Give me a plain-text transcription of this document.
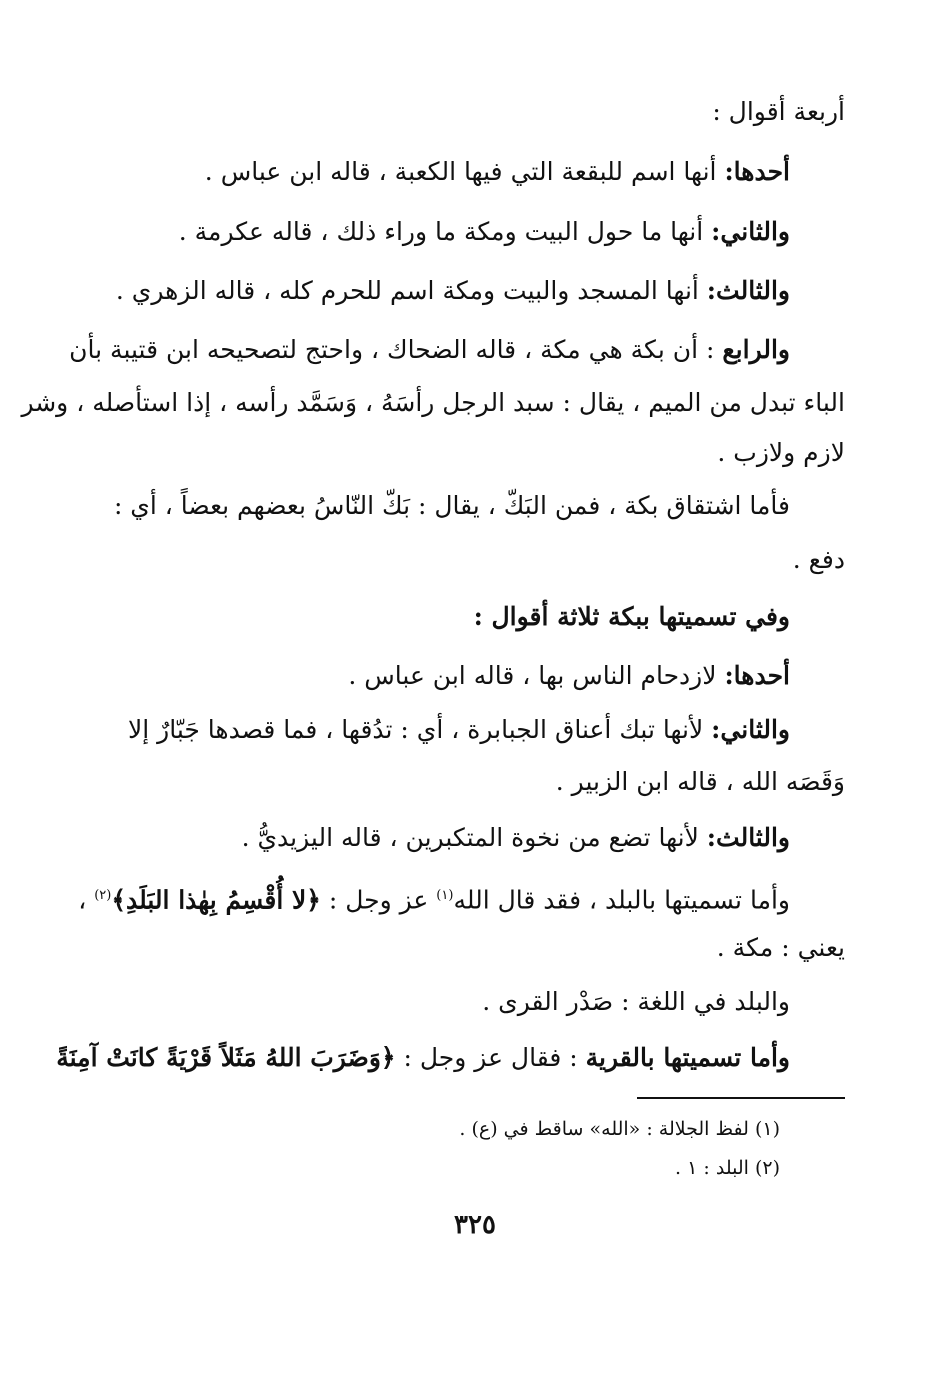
أربعة أقوال :
أحدها: أنها اسم للبقعة التي فيها الكعبة ، قاله ابن عباس .
والثاني: أنها ما حول البيت ومكة ما وراء ذلك ، قاله عكرمة .
والثالث: أنها المسجد والبيت ومكة اسم للحرم كله ، قاله الزهري .
والرابع : أن بكة هي مكة ، قاله الضحاك ، واحتج لتصحيحه ابن قتيبة بأن
الباء تبدل من الميم ، يقال : سبد الرجل رأسَهُ ، وَسَمَّد رأسه ، إذا استأصله ، وشر
لازم ولازب .
فأما اشتقاق بكة ، فمن البَكّ ، يقال : بَكّ النّاسُ بعضهم بعضاً ، أي :
دفع .
وفي تسميتها ببكة ثلاثة أقوال :
أحدها: لازدحام الناس بها ، قاله ابن عباس .
والثاني: لأنها تبك أعناق الجبابرة ، أي : تدُقها ، فما قصدها جَبّارٌ إلا
وَقَصَه الله ، قاله ابن الزبير .
والثالث: لأنها تضع من نخوة المتكبرين ، قاله اليزيديُّ .
وأما تسميتها بالبلد ، فقد قال الله$^{(١)}$ عز وجل : ﴿لا أُقْسِمُ بِهٰذا البَلَدِ﴾$^{(٢)}$ ،
يعني : مكة .
والبلد في اللغة : صَدْر القرى .
وأما تسميتها بالقرية : فقال عز وجل : ﴿وَضَرَبَ اللهُ مَثَلاً قَرْيَةً كانَتْ آمِنَةً
(١) لفظ الجلالة : «الله» ساقط في (ع) .
(٢) البلد : ١ .
٣٢٥
